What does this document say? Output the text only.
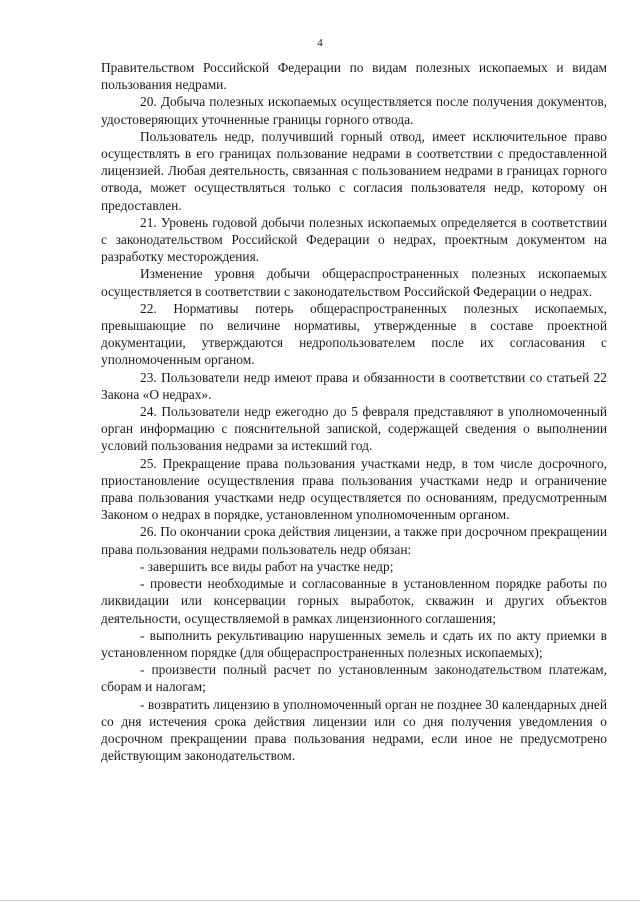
4

Правительством Российской Федерации по видам полезных ископаемых и видам пользования недрами.

20. Добыча полезных ископаемых осуществляется после получения документов, удостоверяющих уточненные границы горного отвода.

Пользователь недр, получивший горный отвод, имеет исключительное право осуществлять в его границах пользование недрами в соответствии с предоставленной лицензией. Любая деятельность, связанная с пользованием недрами в границах горного отвода, может осуществляться только с согласия пользователя недр, которому он предоставлен.

21. Уровень годовой добычи полезных ископаемых определяется в соответствии с законодательством Российской Федерации о недрах, проектным документом на разработку месторождения.

Изменение уровня добычи общераспространенных полезных ископаемых осуществляется в соответствии с законодательством Российской Федерации о недрах.

22. Нормативы потерь общераспространенных полезных ископаемых, превышающие по величине нормативы, утвержденные в составе проектной документации, утверждаются недропользователем после их согласования с уполномоченным органом.

23. Пользователи недр имеют права и обязанности в соответствии со статьей 22 Закона «О недрах».

24. Пользователи недр ежегодно до 5 февраля представляют в уполномоченный орган информацию с пояснительной запиской, содержащей сведения о выполнении условий пользования недрами за истекший год.

25. Прекращение права пользования участками недр, в том числе досрочного, приостановление осуществления права пользования участками недр и ограничение права пользования участками недр осуществляется по основаниям, предусмотренным Законом о недрах в порядке, установленном уполномоченным органом.

26. По окончании срока действия лицензии, а также при досрочном прекращении права пользования недрами пользователь недр обязан:

- завершить все виды работ на участке недр;

- провести необходимые и согласованные в установленном порядке работы по ликвидации или консервации горных выработок, скважин и других объектов деятельности, осуществляемой в рамках лицензионного соглашения;

- выполнить рекультивацию нарушенных земель и сдать их по акту приемки в установленном порядке (для общераспространенных полезных ископаемых);

- произвести полный расчет по установленным законодательством платежам, сборам и налогам;

- возвратить лицензию в уполномоченный орган не позднее 30 календарных дней со дня истечения срока действия лицензии или со дня получения уведомления о досрочном прекращении права пользования недрами, если иное не предусмотрено действующим законодательством.
